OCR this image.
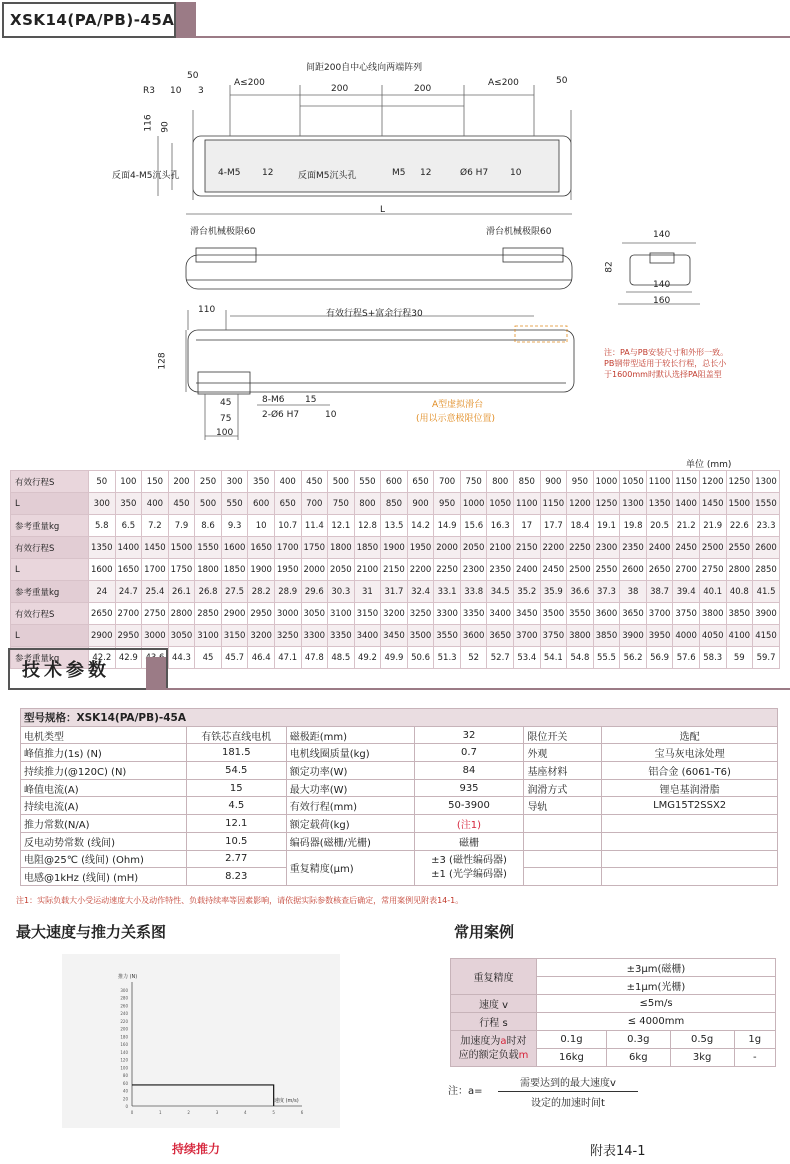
XSK14(PA/PB)-45A
间距200自中心线向两端阵列
50
R3 10 3
A≤200
200	200
A≤200	50
116 90
反面4-M5沉头孔	4-M5 12	反面M5沉头孔	M5 12	Ø6 H7 10
L
滑台机械极限60	滑台机械极限60	140
82
140
160
110	有效行程S+富余行程30
128
45
75
100
8-M6 15
2-Ø6 H7	10
A型虚拟滑台
(用以示意极限位置)
注：PA与PB安装尺寸和外形一致。
PB钢带型适用于较长行程，总长小
于1600mm时默认选择PA阻盖型
单位 (mm)
有效行程S	50	100	150	200	250	300	350	400	450	500	550	600	650	700	750	800	850	900	950	1000	1050	1100	1150	1200	1250	1300
L	300	350	400	450	500	550	600	650	700	750	800	850	900	950	1000	1050	1100	1150	1200	1250	1300	1350	1400	1450	1500	1550
参考重量kg	5.8	6.5	7.2	7.9	8.6	9.3	10	10.7	11.4	12.1	12.8	13.5	14.2	14.9	15.6	16.3	17	17.7	18.4	19.1	19.8	20.5	21.2	21.9	22.6	23.3
有效行程S	1350	1400	1450	1500	1550	1600	1650	1700	1750	1800	1850	1900	1950	2000	2050	2100	2150	2200	2250	2300	2350	2400	2450	2500	2550	2600
L	1600	1650	1700	1750	1800	1850	1900	1950	2000	2050	2100	2150	2200	2250	2300	2350	2400	2450	2500	2550	2600	2650	2700	2750	2800	2850
参考重量kg	24	24.7	25.4	26.1	26.8	27.5	28.2	28.9	29.6	30.3	31	31.7	32.4	33.1	33.8	34.5	35.2	35.9	36.6	37.3	38	38.7	39.4	40.1	40.8	41.5
有效行程S	2650	2700	2750	2800	2850	2900	2950	3000	3050	3100	3150	3200	3250	3300	3350	3400	3450	3500	3550	3600	3650	3700	3750	3800	3850	3900
L	2900	2950	3000	3050	3100	3150	3200	3250	3300	3350	3400	3450	3500	3550	3600	3650	3700	3750	3800	3850	3900	3950	4000	4050	4100	4150
参考重量kg	42.2	42.9		44.3	45	45.7	46.4	47.1	47.8	48.5	49.2	49.9	50.6	51.3	52	52.7	53.4	54.1	54.8	55.5	56.2	56.9	57.6	58.3	59	59.7
技术参数
型号规格：XSK14(PA/PB)-45A					
电机类型	有铁芯直线电机	磁极距(mm)	32	限位开关	选配
峰值推力(1s) (N)	181.5	电机线圈质量(kg)	0.7	外观	宝马灰电泳处理
持续推力(@120C) (N)	54.5	额定功率(W)	84	基座材料	铝合金 (6061-T6)
峰值电流(A)	15	最大功率(W)	935	润滑方式	锂皂基润滑脂
持续电流(A)	4.5	有效行程(mm)	50-3900	导轨	LMG15T2SSX2
推力常数(N/A)	12.1	额定载荷(kg)	(注1)		
反电动势常数 (线间)	10.5	编码器(磁栅/光栅)	磁栅		
电阻@25℃ (线间) (Ohm)	2.77	重复精度(μm)	±3 (磁性编码器)
±1 (光学编码器)		

电感@1kHz (线间) (mH)	8.23				
注1：实际负载大小受运动速度大小及动作特性、负载持续率等因素影响，请依据实际参数核查后确定，常用案例见附表14-1。
最大速度与推力关系图
0
20
40
60
80
100
120
140
160
180
200
220
240
260
280
300
0	1	2	3	4	5	6
推力 (N)
速度 (m/s)
持续推力
常用案例
重复精度	±3μm(磁栅)			
	±1μm(光栅)			
速度 v	≤5m/s			
行程 s	≤ 4000mm			
加速度为a时对
应的额定负载m	0.1g	0.3g	0.5g	1g
	16kg	6kg	3kg	-
注：a=
需要达到的最大速度v
设定的加速时间t
附表14-1
